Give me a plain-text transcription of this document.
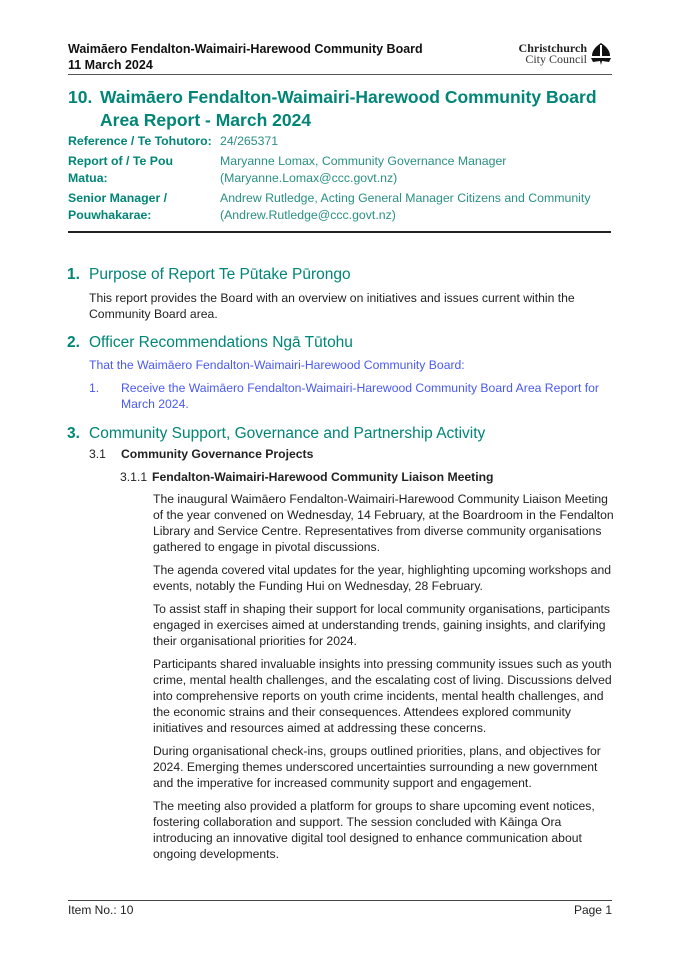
Waimāero Fendalton-Waimairi-Harewood Community Board
11 March 2024
Christchurch
City Council
10. Waimāero Fendalton-Waimairi-Harewood Community Board Area Report - March 2024
Reference / Te Tohutoro: 24/265371
Report of / Te Pou Matua:
Maryanne Lomax, Community Governance Manager (Maryanne.Lomax@ccc.govt.nz)
Senior Manager / Pouwhakarae:
Andrew Rutledge, Acting General Manager Citizens and Community (Andrew.Rutledge@ccc.govt.nz)
1. Purpose of Report Te Pūtake Pūrongo
This report provides the Board with an overview on initiatives and issues current within the Community Board area.
2. Officer Recommendations Ngā Tūtohu
That the Waimāero Fendalton-Waimairi-Harewood Community Board:
1. Receive the Waimāero Fendalton-Waimairi-Harewood Community Board Area Report for March 2024.
3. Community Support, Governance and Partnership Activity
3.1 Community Governance Projects
3.1.1 Fendalton-Waimairi-Harewood Community Liaison Meeting

The inaugural Waimāero Fendalton-Waimairi-Harewood Community Liaison Meeting of the year convened on Wednesday, 14 February, at the Boardroom in the Fendalton Library and Service Centre. Representatives from diverse community organisations gathered to engage in pivotal discussions.

The agenda covered vital updates for the year, highlighting upcoming workshops and events, notably the Funding Hui on Wednesday, 28 February.

To assist staff in shaping their support for local community organisations, participants engaged in exercises aimed at understanding trends, gaining insights, and clarifying their organisational priorities for 2024.

Participants shared invaluable insights into pressing community issues such as youth crime, mental health challenges, and the escalating cost of living. Discussions delved into comprehensive reports on youth crime incidents, mental health challenges, and the economic strains and their consequences. Attendees explored community initiatives and resources aimed at addressing these concerns.

During organisational check-ins, groups outlined priorities, plans, and objectives for 2024. Emerging themes underscored uncertainties surrounding a new government and the imperative for increased community support and engagement.

The meeting also provided a platform for groups to share upcoming event notices, fostering collaboration and support. The session concluded with Kāinga Ora introducing an innovative digital tool designed to enhance communication about ongoing developments.

Item No.: 10	Page 1
